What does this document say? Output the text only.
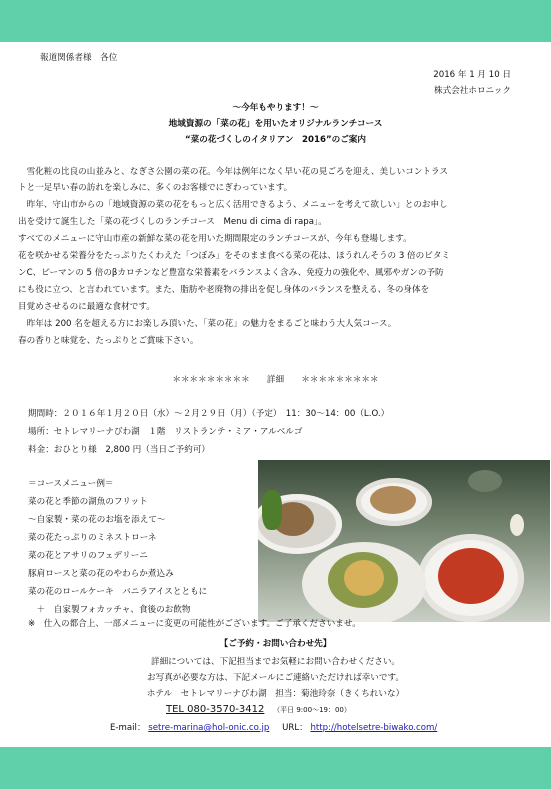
報道関係者様　各位
2016 年 1 月 10 日
株式会社ホロニック
～今年もやります！～
地域資源の「菜の花」を用いたオリジナルランチコース
“菜の花づくしのイタリアン　2016”のご案内
　雪化粧の比良の山並みと、なぎさ公園の菜の花。今年は例年になく早い花の見ごろを迎え、美しいコントラス
トと一足早い春の訪れを楽しみに、多くのお客様でにぎわっています。
　昨年、守山市からの「地域資源の菜の花をもっと広く活用できるよう、メニューを考えて欲しい」とのお申し
出を受けて誕生した「菜の花づくしのランチコース　Menu di cima di rapa」。
すべてのメニューに守山市産の新鮮な菜の花を用いた期間限定のランチコースが、今年も登場します。
花を咲かせる栄養分をたっぷりたくわえた「つぼみ」をそのまま食べる菜の花は、ほうれんそうの 3 倍のビタミ
ンC、ピーマンの 5 倍のβカロチンなど豊富な栄養素をバランスよく含み、免疫力の強化や、風邪やガンの予防
にも役に立つ、と言われています。また、脂肪や老廃物の排出を促し身体のバランスを整える、冬の身体を
目覚めさせるのに最適な食材です。
　昨年は 200 名を超える方にお楽しみ頂いた、「菜の花」の魅力をまるごと味わう大人気コース。
春の香りと味覚を、たっぷりとご賞味下さい。
＊＊＊＊＊＊＊＊＊　　詳細　　＊＊＊＊＊＊＊＊＊
期間時：２０１６年１月２０日（水）～２月２９日（月）（予定）　11：30～14：00（L.O.）
場所：セトレマリーナびわ湖　１階　リストランテ・ミア・アルベルゴ
料金：おひとり様　2,800 円（当日ご予約可）
＝コースメニュー例＝
菜の花と季節の湖魚のフリット
～自家製・菜の花のお塩を添えて～
菜の花たっぷりのミネストローネ
菜の花とアサリのフェデリーニ
豚肩ロースと菜の花のやわらか煮込み
菜の花のロールケーキ　バニラアイスとともに
　＋　自家製フォカッチャ、食後のお飲物
※　仕入の都合上、一部メニューに変更の可能性がございます。ご了承くださいませ。
【ご予約・お問い合わせ先】
詳細については、下記担当までお気軽にお問い合わせください。
お写真が必要な方は、下記メールにご連絡いただければ幸いです。
ホテル　セトレマリーナびわ湖　担当：菊池玲奈（きくちれいな）
TEL 080-3570-3412 （平日 9:00～19：00）
E-mail： setre-marina@hol-onic.co.jp URL： http://hotelsetre-biwako.com/
